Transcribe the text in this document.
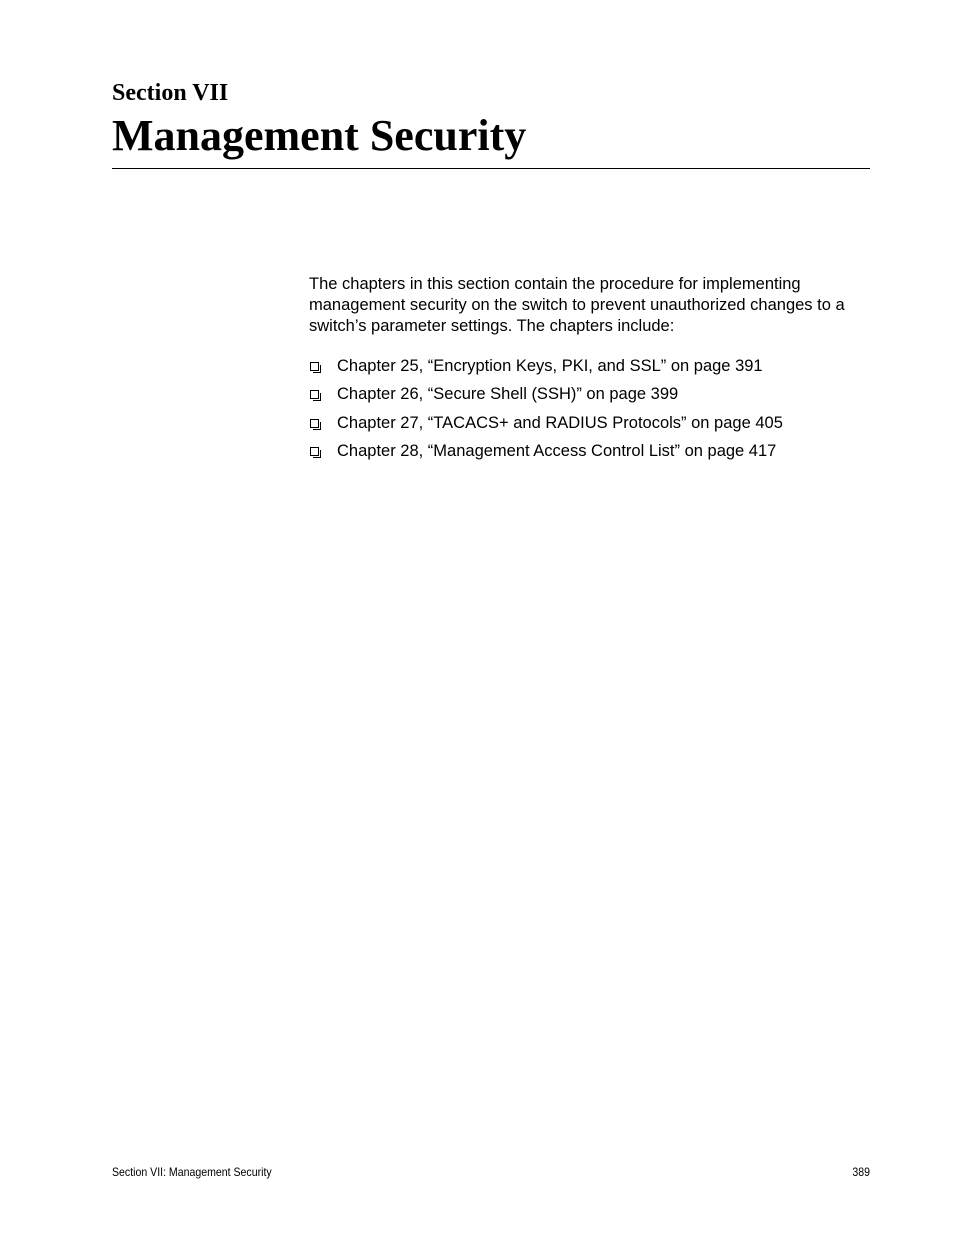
Section VII
Management Security

The chapters in this section contain the procedure for implementing management security on the switch to prevent unauthorized changes to a switch’s parameter settings. The chapters include:

Chapter 25, “Encryption Keys, PKI, and SSL” on page 391
Chapter 26, “Secure Shell (SSH)” on page 399
Chapter 27, “TACACS+ and RADIUS Protocols” on page 405
Chapter 28, “Management Access Control List” on page 417
Section VII: Management Security	389
